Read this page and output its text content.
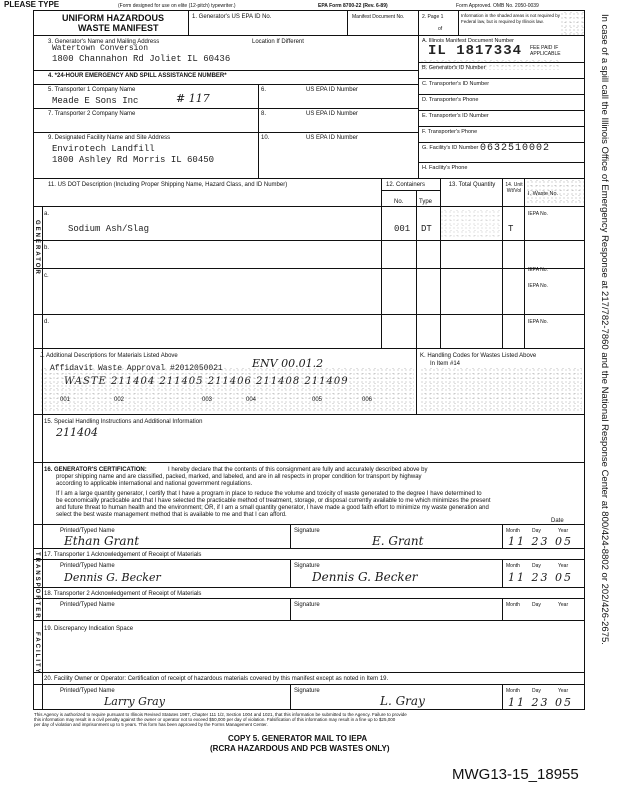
PLEASE TYPE	(Form designed for use on elite (12-pitch) typewriter.)	EPA Form 8700-22 (Rev. 6-89)	Form Approved. OMB No. 2050-0039
UNIFORM HAZARDOUS
WASTE MANIFEST
1. Generator's US EPA ID No.	Manifest Document No.	2. Page 1
of
Information in the shaded areas is not required by Federal law, but is required by Illinois law.
3. Generator's Name and Mailing Address	Location If Different
Watertown Conversion
1800 Channahon Rd Joliet IL 60436
A. Illinois Manifest Document Number
IL 1817334 FEE PAID IF APPLICABLE
B. Generator's ID Number
C. Transporter's ID Number
D. Transporter's Phone
E. Transporter's ID Number
F. Transporter's Phone
G. Facility's ID Number 0632510002
H. Facility's Phone
4. *24-HOUR EMERGENCY AND SPILL ASSISTANCE NUMBER*
5. Transporter 1 Company Name	6.	US EPA ID Number
Meade E Sons Inc	# 117
7. Transporter 2 Company Name	8.	US EPA ID Number
9. Designated Facility Name and Site Address	10.	US EPA ID Number
Envirotech Landfill
1800 Ashley Rd Morris IL 60450
11. US DOT Description (Including Proper Shipping Name, Hazard Class, and ID Number)	12. Containers
No.	Type
13. Total Quantity	14. Unit Wt/Vol	I. Waste No.
a.
Sodium Ash/Slag	001 DT	T
IEPA No.
b.
IEPA No.
c.
IEPA No.
d.	IEPA No.
J. Additional Descriptions for Materials Listed Above	K. Handling Codes for Wastes Listed Above
In Item #14
Affidavit Waste Approval #2012050021	ENV 00.01.2
WASTE 211404 211405 211406 211408 211409
001	002	003	004	005	006
15. Special Handling Instructions and Additional Information
211404
16. GENERATOR'S CERTIFICATION:	I hereby declare that the contents of this consignment are fully and accurately described above by
proper shipping name and are classified, packed, marked, and labeled, and are in all respects in proper condition for transport by highway
according to applicable international and national government regulations.
If I am a large quantity generator, I certify that I have a program in place to reduce the volume and toxicity of waste generated to the degree I have determined to
be economically practicable and that I have selected the practicable method of treatment, storage, or disposal currently available to me which minimizes the present
and future threat to human health and the environment; OR, if I am a small quantity generator, I have made a good faith effort to minimize my waste generation and
select the best waste management method that is available to me and that I can afford.
Date
Printed/Typed Name	Signature	Month Day	Year
Ethan Grant	E. Grant	11 23 05
17. Transporter 1 Acknowledgement of Receipt of Materials
Printed/Typed Name	Signature	Month Day	Year
Dennis G. Becker	Dennis G. Becker	11 23 05
18. Transporter 2 Acknowledgement of Receipt of Materials
Printed/Typed Name	Signature	Month Day	Year
19. Discrepancy Indication Space
20. Facility Owner or Operator: Certification of receipt of hazardous materials covered by this manifest except as noted in Item 19.
Printed/Typed Name	Signature	Month Day	Year
Larry Gray	L. Gray	11 23 05
GENERATOR
TRANSPORTER
FACILITY
In case of a spill call the Illinois Office of Emergency Response at 217/782-7860 and the National Response Center at 800/424-8802 or 202/426-2675.
This Agency is authorized to require pursuant to Illinois Revised Statutes 1987, Chapter 111 1/2, Section 1004 and 1021, that this information be submitted to the Agency. Failure to provide
this information may result in a civil penalty against the owner or operator not to exceed $50,000 per day of violation. Falsification of this information may result in a fine up to $25,000
per day of violation and imprisonment up to 5 years. This form has been approved by the Forms Management Center.
COPY 5. GENERATOR MAIL TO IEPA
(RCRA HAZARDOUS AND PCB WASTES ONLY)
MWG13-15_18955
